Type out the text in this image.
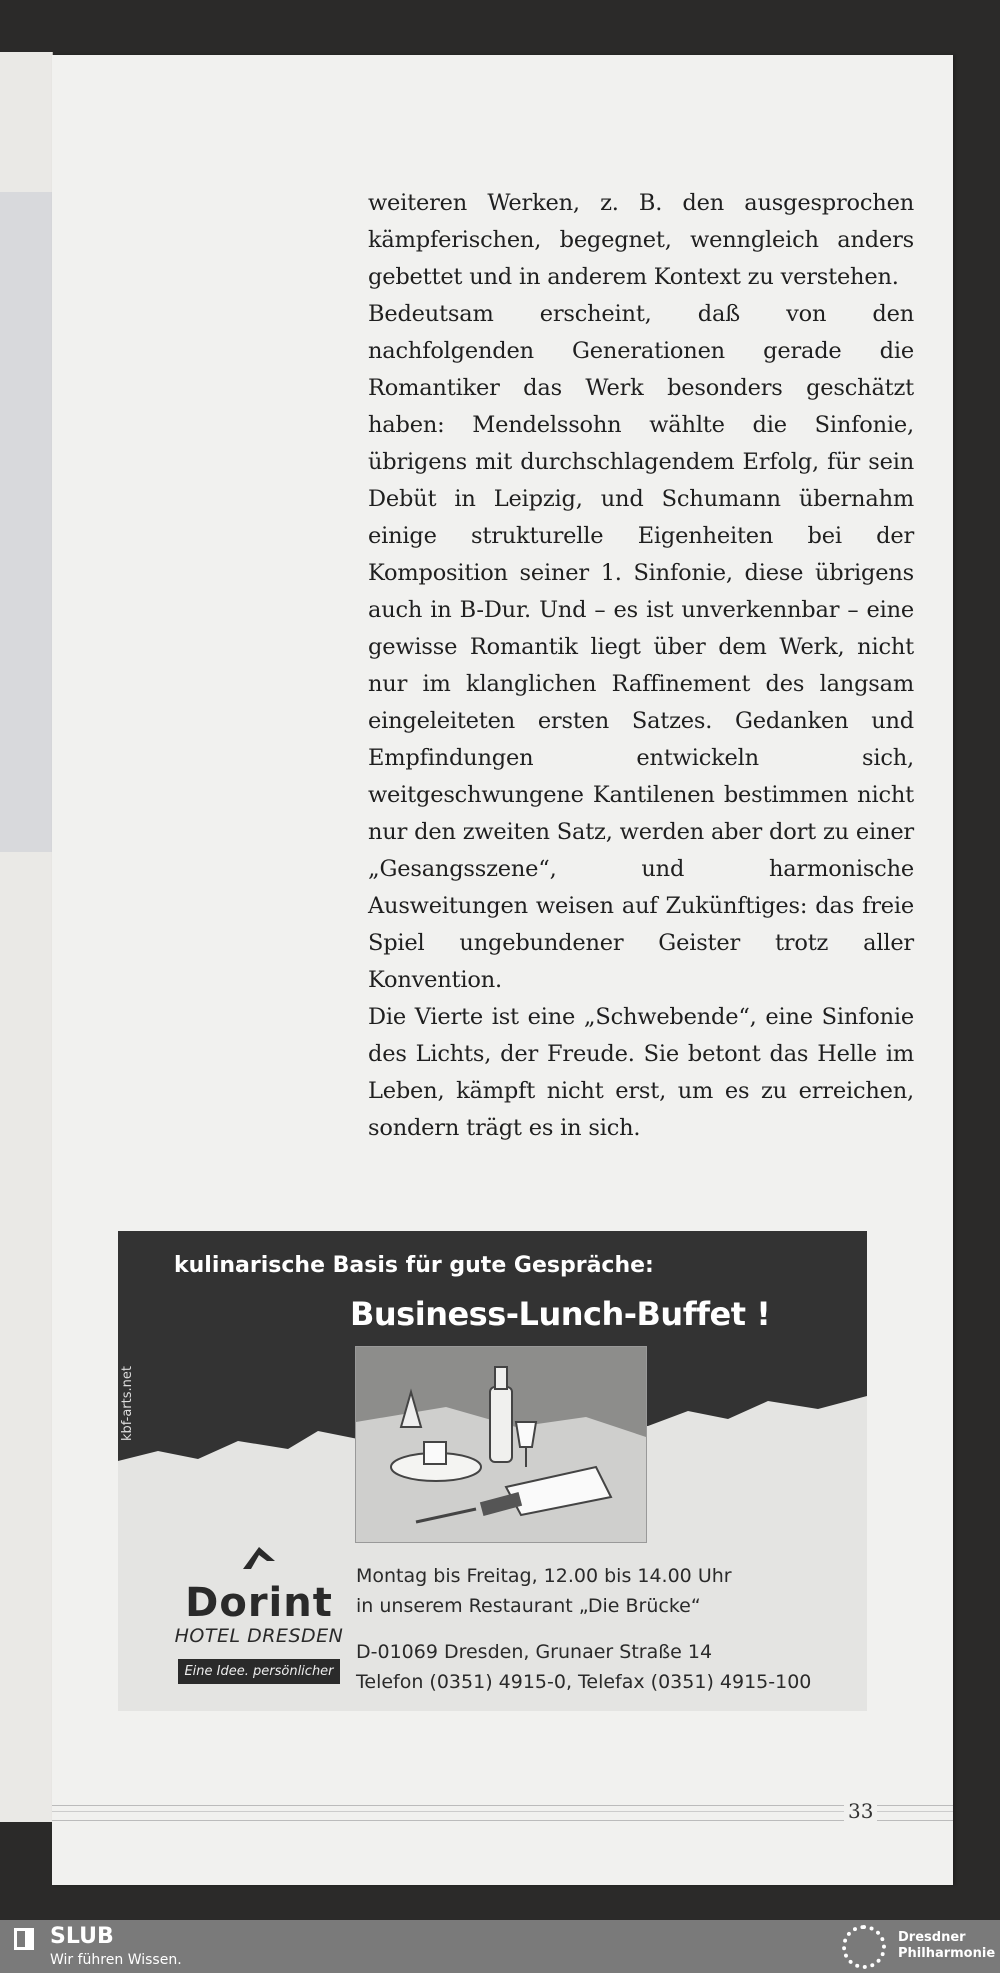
weiteren Werken, z. B. den ausgesprochen kämpferischen, begegnet, wenngleich anders gebettet und in anderem Kontext zu verstehen.

Bedeutsam erscheint, daß von den nachfolgenden Generationen gerade die Romantiker das Werk besonders geschätzt haben: Mendelssohn wählte die Sinfonie, übrigens mit durchschlagendem Erfolg, für sein Debüt in Leipzig, und Schumann übernahm einige strukturelle Eigenheiten bei der Komposition seiner 1. Sinfonie, diese übrigens auch in B-Dur. Und – es ist unverkennbar – eine gewisse Romantik liegt über dem Werk, nicht nur im klanglichen Raffinement des langsam eingeleiteten ersten Satzes. Gedanken und Empfindungen entwickeln sich, weitgeschwungene Kantilenen bestimmen nicht nur den zweiten Satz, werden aber dort zu einer „Gesangsszene“, und harmonische Ausweitungen weisen auf Zukünftiges: das freie Spiel ungebundener Geister trotz aller Konvention.

Die Vierte ist eine „Schwebende“, eine Sinfonie des Lichts, der Freude. Sie betont das Helle im Leben, kämpft nicht erst, um es zu erreichen, sondern trägt es in sich.

kulinarische Basis für gute Gespräche:
Business-Lunch-Buffet !
kbf-arts.net
Dorint
HOTEL DRESDEN
Eine Idee. persönlicher
Montag bis Freitag, 12.00 bis 14.00 Uhr
in unserem Restaurant „Die Brücke“
D-01069 Dresden, Grunaer Straße 14
Telefon (0351) 4915-0, Telefax (0351) 4915-100
33
SLUB
Wir führen Wissen.
Dresdner
Philharmonie
